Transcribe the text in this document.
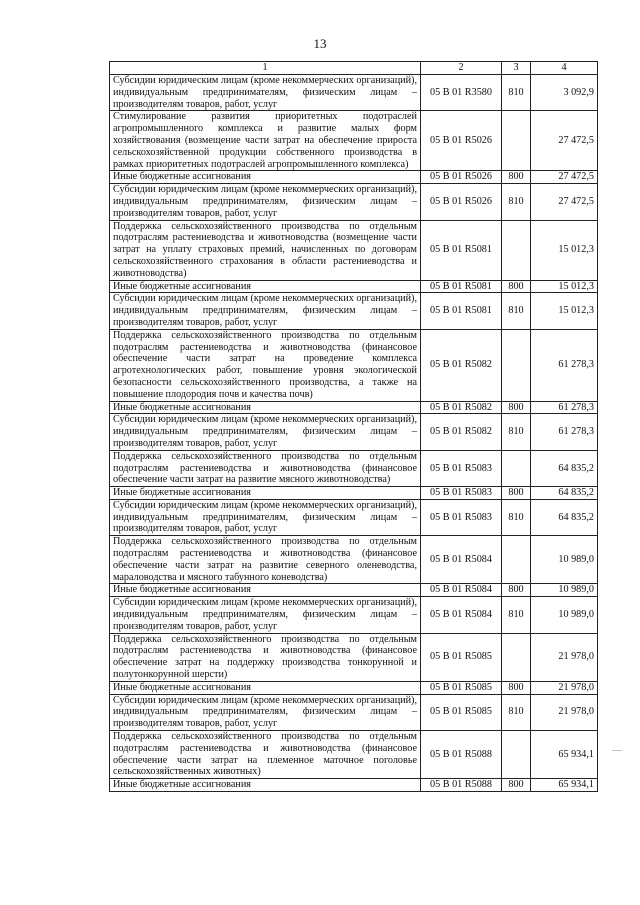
13
1	2	3	4
Субсидии юридическим лицам (кроме некоммерческих организаций), индивидуальным предпринимателям, физическим лицам – производителям товаров, работ, услуг	05 В 01 R3580	810	3 092,9
Стимулирование развития приоритетных подотраслей агропромышленного комплекса и развитие малых форм хозяйствования (возмещение части затрат на обеспечение прироста сельскохозяйственной продукции собственного производства в рамках приоритетных подотраслей агропромышленного комплекса)	05 В 01 R5026		27 472,5
Иные бюджетные ассигнования	05 В 01 R5026	800	27 472,5
Субсидии юридическим лицам (кроме некоммерческих организаций), индивидуальным предпринимателям, физическим лицам – производителям товаров, работ, услуг	05 В 01 R5026	810	27 472,5
Поддержка сельскохозяйственного производства по отдельным подотраслям растениеводства и животноводства (возмещение части затрат на уплату страховых премий, начисленных по договорам сельскохозяйственного страхования в области растениеводства и животноводства)	05 В 01 R5081		15 012,3
Иные бюджетные ассигнования	05 В 01 R5081	800	15 012,3
Субсидии юридическим лицам (кроме некоммерческих организаций), индивидуальным предпринимателям, физическим лицам – производителям товаров, работ, услуг	05 В 01 R5081	810	15 012,3
Поддержка сельскохозяйственного производства по отдельным подотраслям растениеводства и животноводства (финансовое обеспечение части затрат на проведение комплекса агротехнологических работ, повышение уровня экологической безопасности сельскохозяйственного производства, а также на повышение плодородия почв и качества почв)	05 В 01 R5082		61 278,3
Иные бюджетные ассигнования	05 В 01 R5082	800	61 278,3
Субсидии юридическим лицам (кроме некоммерческих организаций), индивидуальным предпринимателям, физическим лицам – производителям товаров, работ, услуг	05 В 01 R5082	810	61 278,3
Поддержка сельскохозяйственного производства по отдельным подотраслям растениеводства и животноводства (финансовое обеспечение части затрат на развитие мясного животноводства)	05 В 01 R5083		64 835,2
Иные бюджетные ассигнования	05 В 01 R5083	800	64 835,2
Субсидии юридическим лицам (кроме некоммерческих организаций), индивидуальным предпринимателям, физическим лицам – производителям товаров, работ, услуг	05 В 01 R5083	810	64 835,2
Поддержка сельскохозяйственного производства по отдельным подотраслям растениеводства и животноводства (финансовое обеспечение части затрат на развитие северного оленеводства, мараловодства и мясного табунного коневодства)	05 В 01 R5084		10 989,0
Иные бюджетные ассигнования	05 В 01 R5084	800	10 989,0
Субсидии юридическим лицам (кроме некоммерческих организаций), индивидуальным предпринимателям, физическим лицам – производителям товаров, работ, услуг	05 В 01 R5084	810	10 989,0
Поддержка сельскохозяйственного производства по отдельным подотраслям растениеводства и животноводства (финансовое обеспечение затрат на поддержку производства тонкорунной и полутонкорунной шерсти)	05 В 01 R5085		21 978,0
Иные бюджетные ассигнования	05 В 01 R5085	800	21 978,0
Субсидии юридическим лицам (кроме некоммерческих организаций), индивидуальным предпринимателям, физическим лицам – производителям товаров, работ, услуг	05 В 01 R5085	810	21 978,0
Поддержка сельскохозяйственного производства по отдельным подотраслям растениеводства и животноводства (финансовое обеспечение части затрат на племенное маточное поголовье сельскохозяйственных животных)	05 В 01 R5088		65 934,1
Иные бюджетные ассигнования	05 В 01 R5088	800	65 934,1
—
